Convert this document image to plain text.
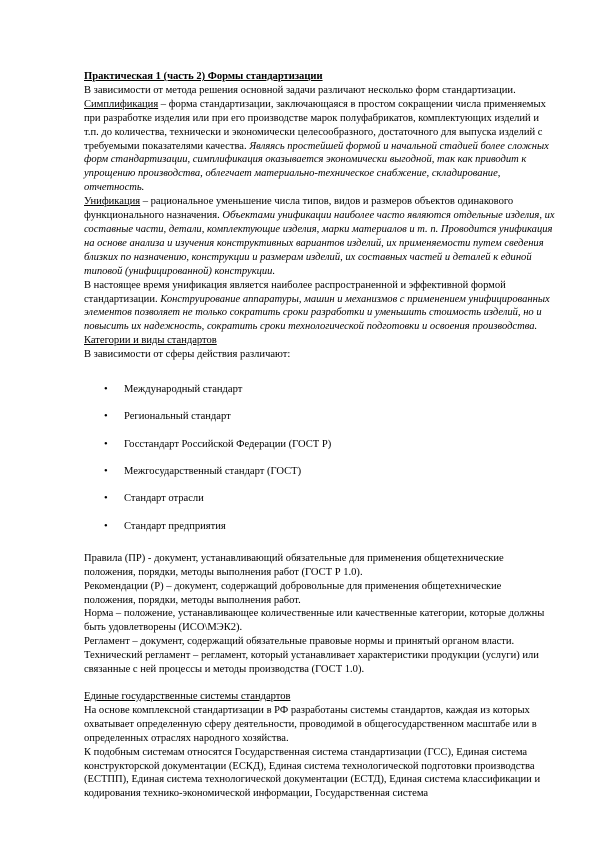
Практическая 1 (часть 2) Формы стандартизации

В зависимости от метода решения основной задачи различают несколько форм стандартизации.

Симплификация – форма стандартизации, заключающаяся в простом сокращении числа применяемых при разработке изделия или при его производстве марок полуфабрикатов, комплектующих изделий и т.п. до количества, технически и экономически целесообразного, достаточного для выпуска изделий с требуемыми показателями качества. Являясь простейшей формой и начальной стадией более сложных форм стандартизации, симплификация оказывается экономически выгодной, так как приводит к упрощению производства, облегчает материально-техническое снабжение, складирование, отчетность.

Унификация – рациональное уменьшение числа типов, видов и размеров объектов одинакового функционального назначения. Объектами унификации наиболее часто являются отдельные изделия, их составные части, детали, комплектующие изделия, марки материалов и т. п. Проводится унификация на основе анализа и изучения конструктивных вариантов изделий, их применяемости путем сведения близких по назначению, конструкции и размерам изделий, их составных частей и деталей к единой типовой (унифицированной) конструкции.

В настоящее время унификация является наиболее распространенной и эффективной формой стандартизации. Конструирование аппаратуры, машин и механизмов с применением унифицированных элементов позволяет не только сократить сроки разработки и уменьшить стоимость изделий, но и повысить их надежность, сократить сроки технологической подготовки и освоения производства.

Категории и виды стандартов

В зависимости от сферы действия различают:

• Международный стандарт
• Региональный стандарт
• Госстандарт Российской Федерации (ГОСТ Р)
• Межгосударственный стандарт (ГОСТ)
• Стандарт отрасли
• Стандарт предприятия

Правила (ПР) - документ, устанавливающий обязательные для применения общетехнические положения, порядки, методы выполнения работ (ГОСТ Р 1.0).

Рекомендации (Р) – документ, содержащий добровольные для применения общетехнические положения, порядки, методы выполнения работ.

Норма – положение, устанавливающее количественные или качественные категории, которые должны быть удовлетворены (ИСО\МЭК2).

Регламент – документ, содержащий обязательные правовые нормы и принятый органом власти.

Технический регламент – регламент, который устанавливает характеристики продукции (услуги) или связанные с ней процессы и методы производства (ГОСТ 1.0).

Единые государственные системы стандартов

На основе комплексной стандартизации в РФ разработаны системы стандартов, каждая из которых охватывает определенную сферу деятельности, проводимой в общегосударственном масштабе или в определенных отраслях народного хозяйства.

К подобным системам относятся Государственная система стандартизации (ГСС), Единая система конструкторской документации (ЕСКД), Единая система технологической подготовки производства (ЕСТПП), Единая система технологической документации (ЕСТД), Единая система классификации и кодирования технико-экономической информации, Государственная система
